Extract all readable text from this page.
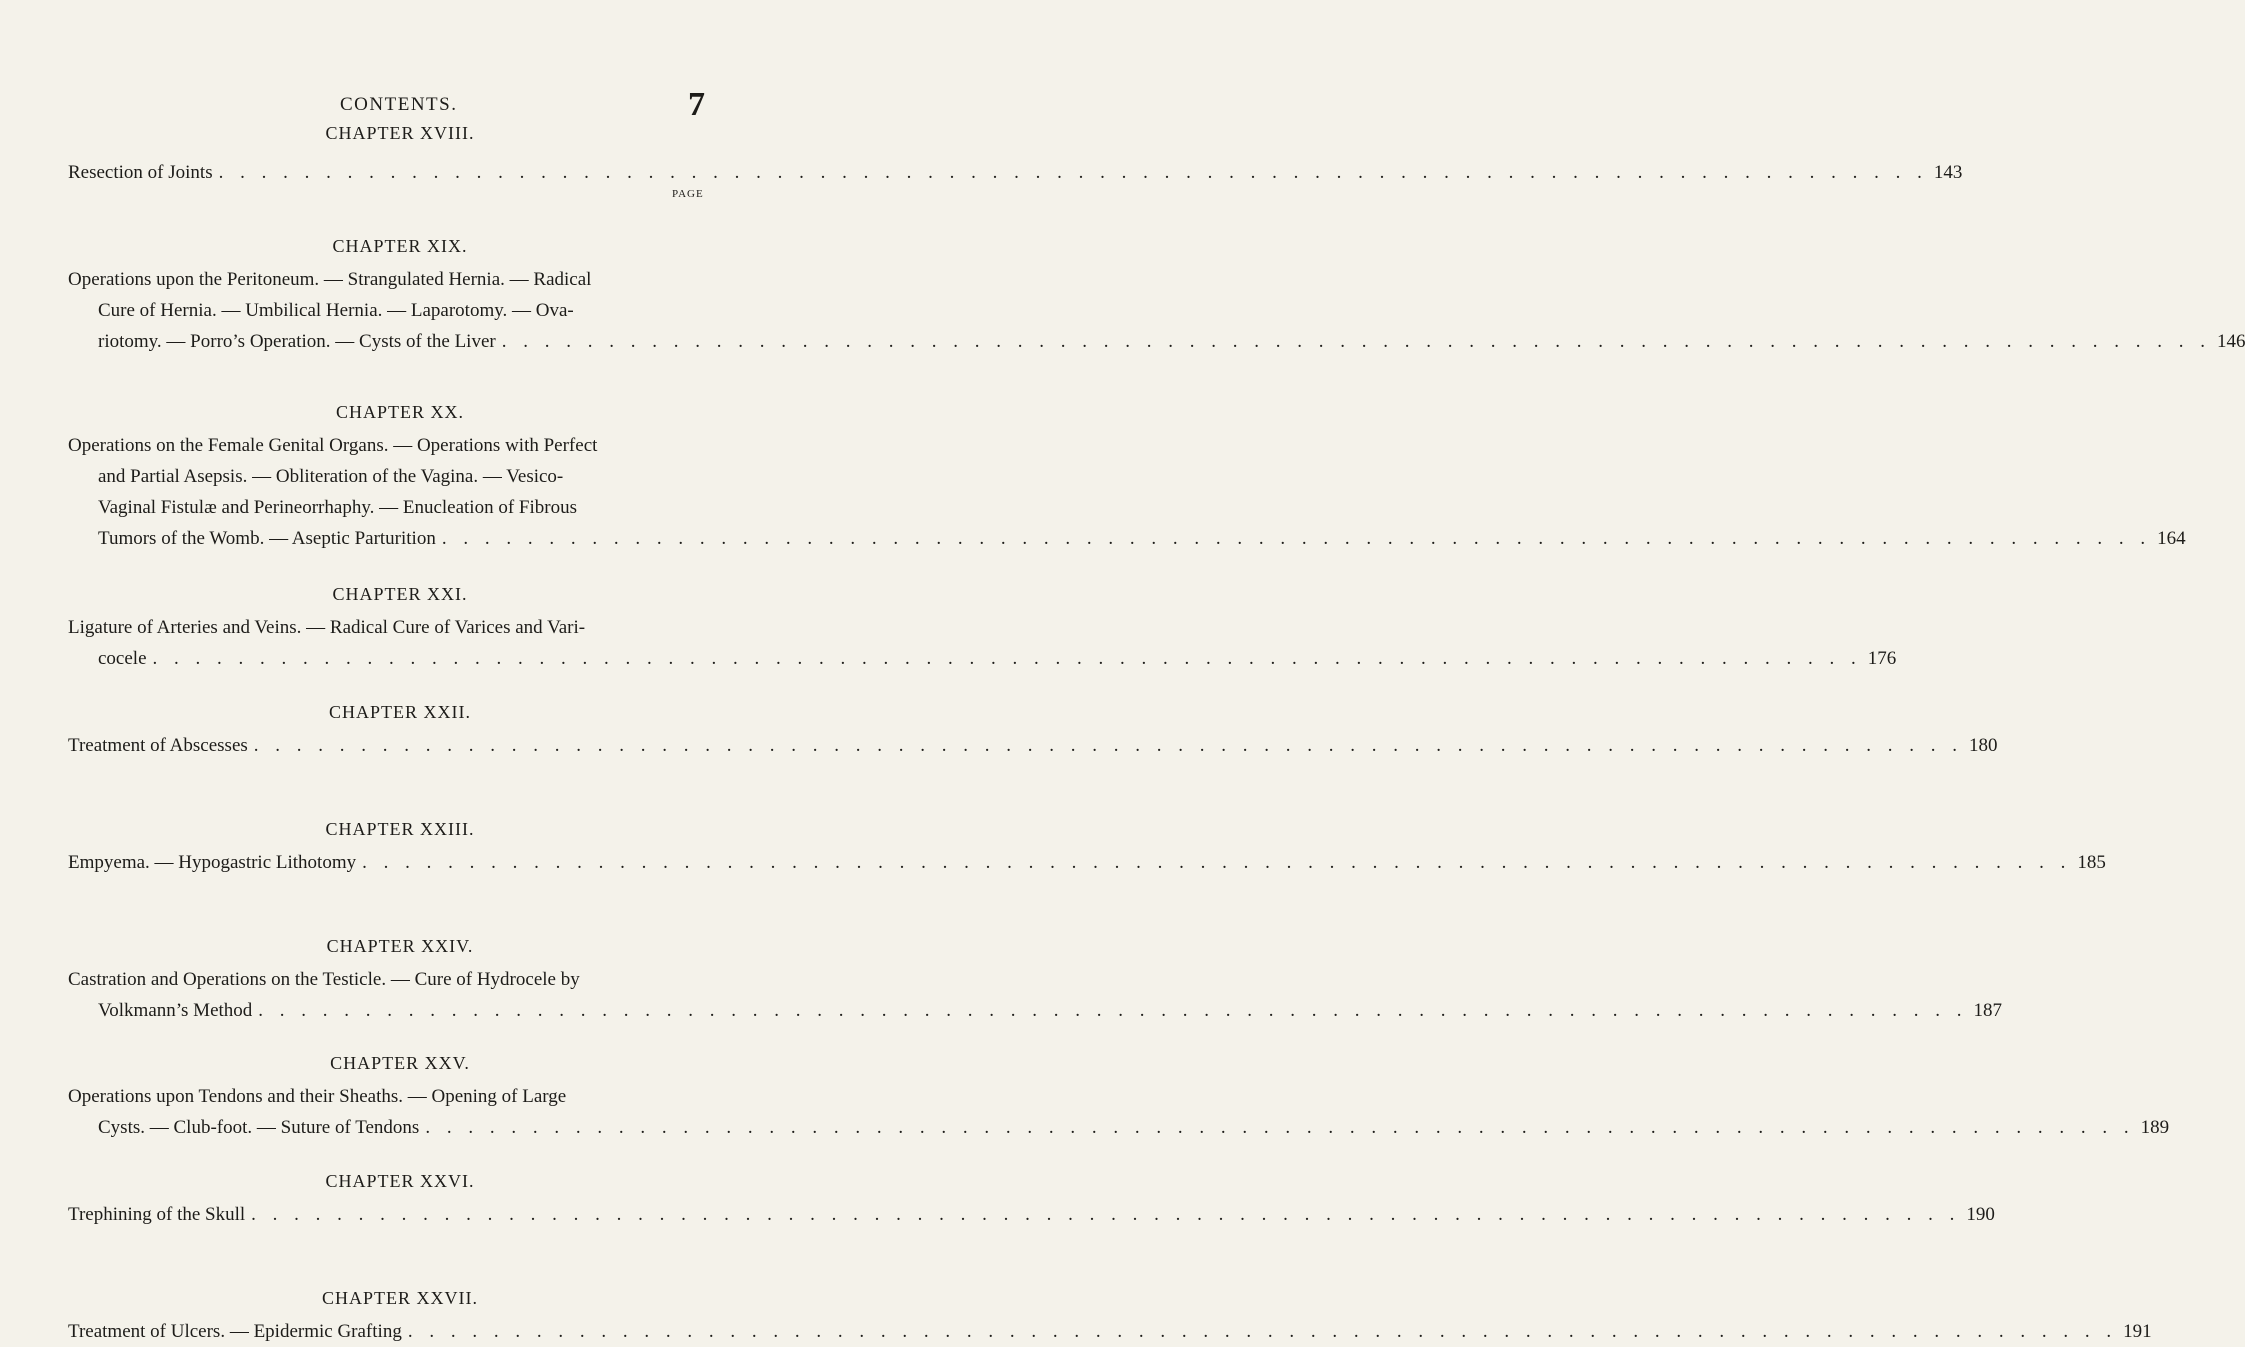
CONTENTS.	7
PAGE
CHAPTER XVIII.
Resection of Joints . . . . . . . . . . . . . . . . . . . . . . . . . . . . . . . . . . . . . . . . . . . . . . . . . . . . . . . . . . . . . . . . . . . . . . . . . . . . . . . . 143
CHAPTER XIX.
Operations upon the Peritoneum. — Strangulated Hernia. — Radical
Cure of Hernia. — Umbilical Hernia. — Laparotomy. — Ova-
riotomy. — Porro’s Operation. — Cysts of the Liver . . . . . . . . . . . . . . . . . . . . . . . . . . . . . . . . . . . . . . . . . . . . . . . . . . . . . . . . . . . . . . . . . . . . . . . . . . . . . . . . 146
CHAPTER XX.
Operations on the Female Genital Organs. — Operations with Perfect
and Partial Asepsis. — Obliteration of the Vagina. — Vesico-
Vaginal Fistulæ and Perineorrhaphy. — Enucleation of Fibrous
Tumors of the Womb. — Aseptic Parturition . . . . . . . . . . . . . . . . . . . . . . . . . . . . . . . . . . . . . . . . . . . . . . . . . . . . . . . . . . . . . . . . . . . . . . . . . . . . . . . . 164
CHAPTER XXI.
Ligature of Arteries and Veins. — Radical Cure of Varices and Vari-
cocele . . . . . . . . . . . . . . . . . . . . . . . . . . . . . . . . . . . . . . . . . . . . . . . . . . . . . . . . . . . . . . . . . . . . . . . . . . . . . . . . 176
CHAPTER XXII.
Treatment of Abscesses . . . . . . . . . . . . . . . . . . . . . . . . . . . . . . . . . . . . . . . . . . . . . . . . . . . . . . . . . . . . . . . . . . . . . . . . . . . . . . . . 180
CHAPTER XXIII.
Empyema. — Hypogastric Lithotomy . . . . . . . . . . . . . . . . . . . . . . . . . . . . . . . . . . . . . . . . . . . . . . . . . . . . . . . . . . . . . . . . . . . . . . . . . . . . . . . . 185
CHAPTER XXIV.
Castration and Operations on the Testicle. — Cure of Hydrocele by
Volkmann’s Method . . . . . . . . . . . . . . . . . . . . . . . . . . . . . . . . . . . . . . . . . . . . . . . . . . . . . . . . . . . . . . . . . . . . . . . . . . . . . . . . 187
CHAPTER XXV.
Operations upon Tendons and their Sheaths. — Opening of Large
Cysts. — Club-foot. — Suture of Tendons . . . . . . . . . . . . . . . . . . . . . . . . . . . . . . . . . . . . . . . . . . . . . . . . . . . . . . . . . . . . . . . . . . . . . . . . . . . . . . . . 189
CHAPTER XXVI.
Trephining of the Skull . . . . . . . . . . . . . . . . . . . . . . . . . . . . . . . . . . . . . . . . . . . . . . . . . . . . . . . . . . . . . . . . . . . . . . . . . . . . . . . . 190
CHAPTER XXVII.
Treatment of Ulcers. — Epidermic Grafting . . . . . . . . . . . . . . . . . . . . . . . . . . . . . . . . . . . . . . . . . . . . . . . . . . . . . . . . . . . . . . . . . . . . . . . . . . . . . . . . 191
